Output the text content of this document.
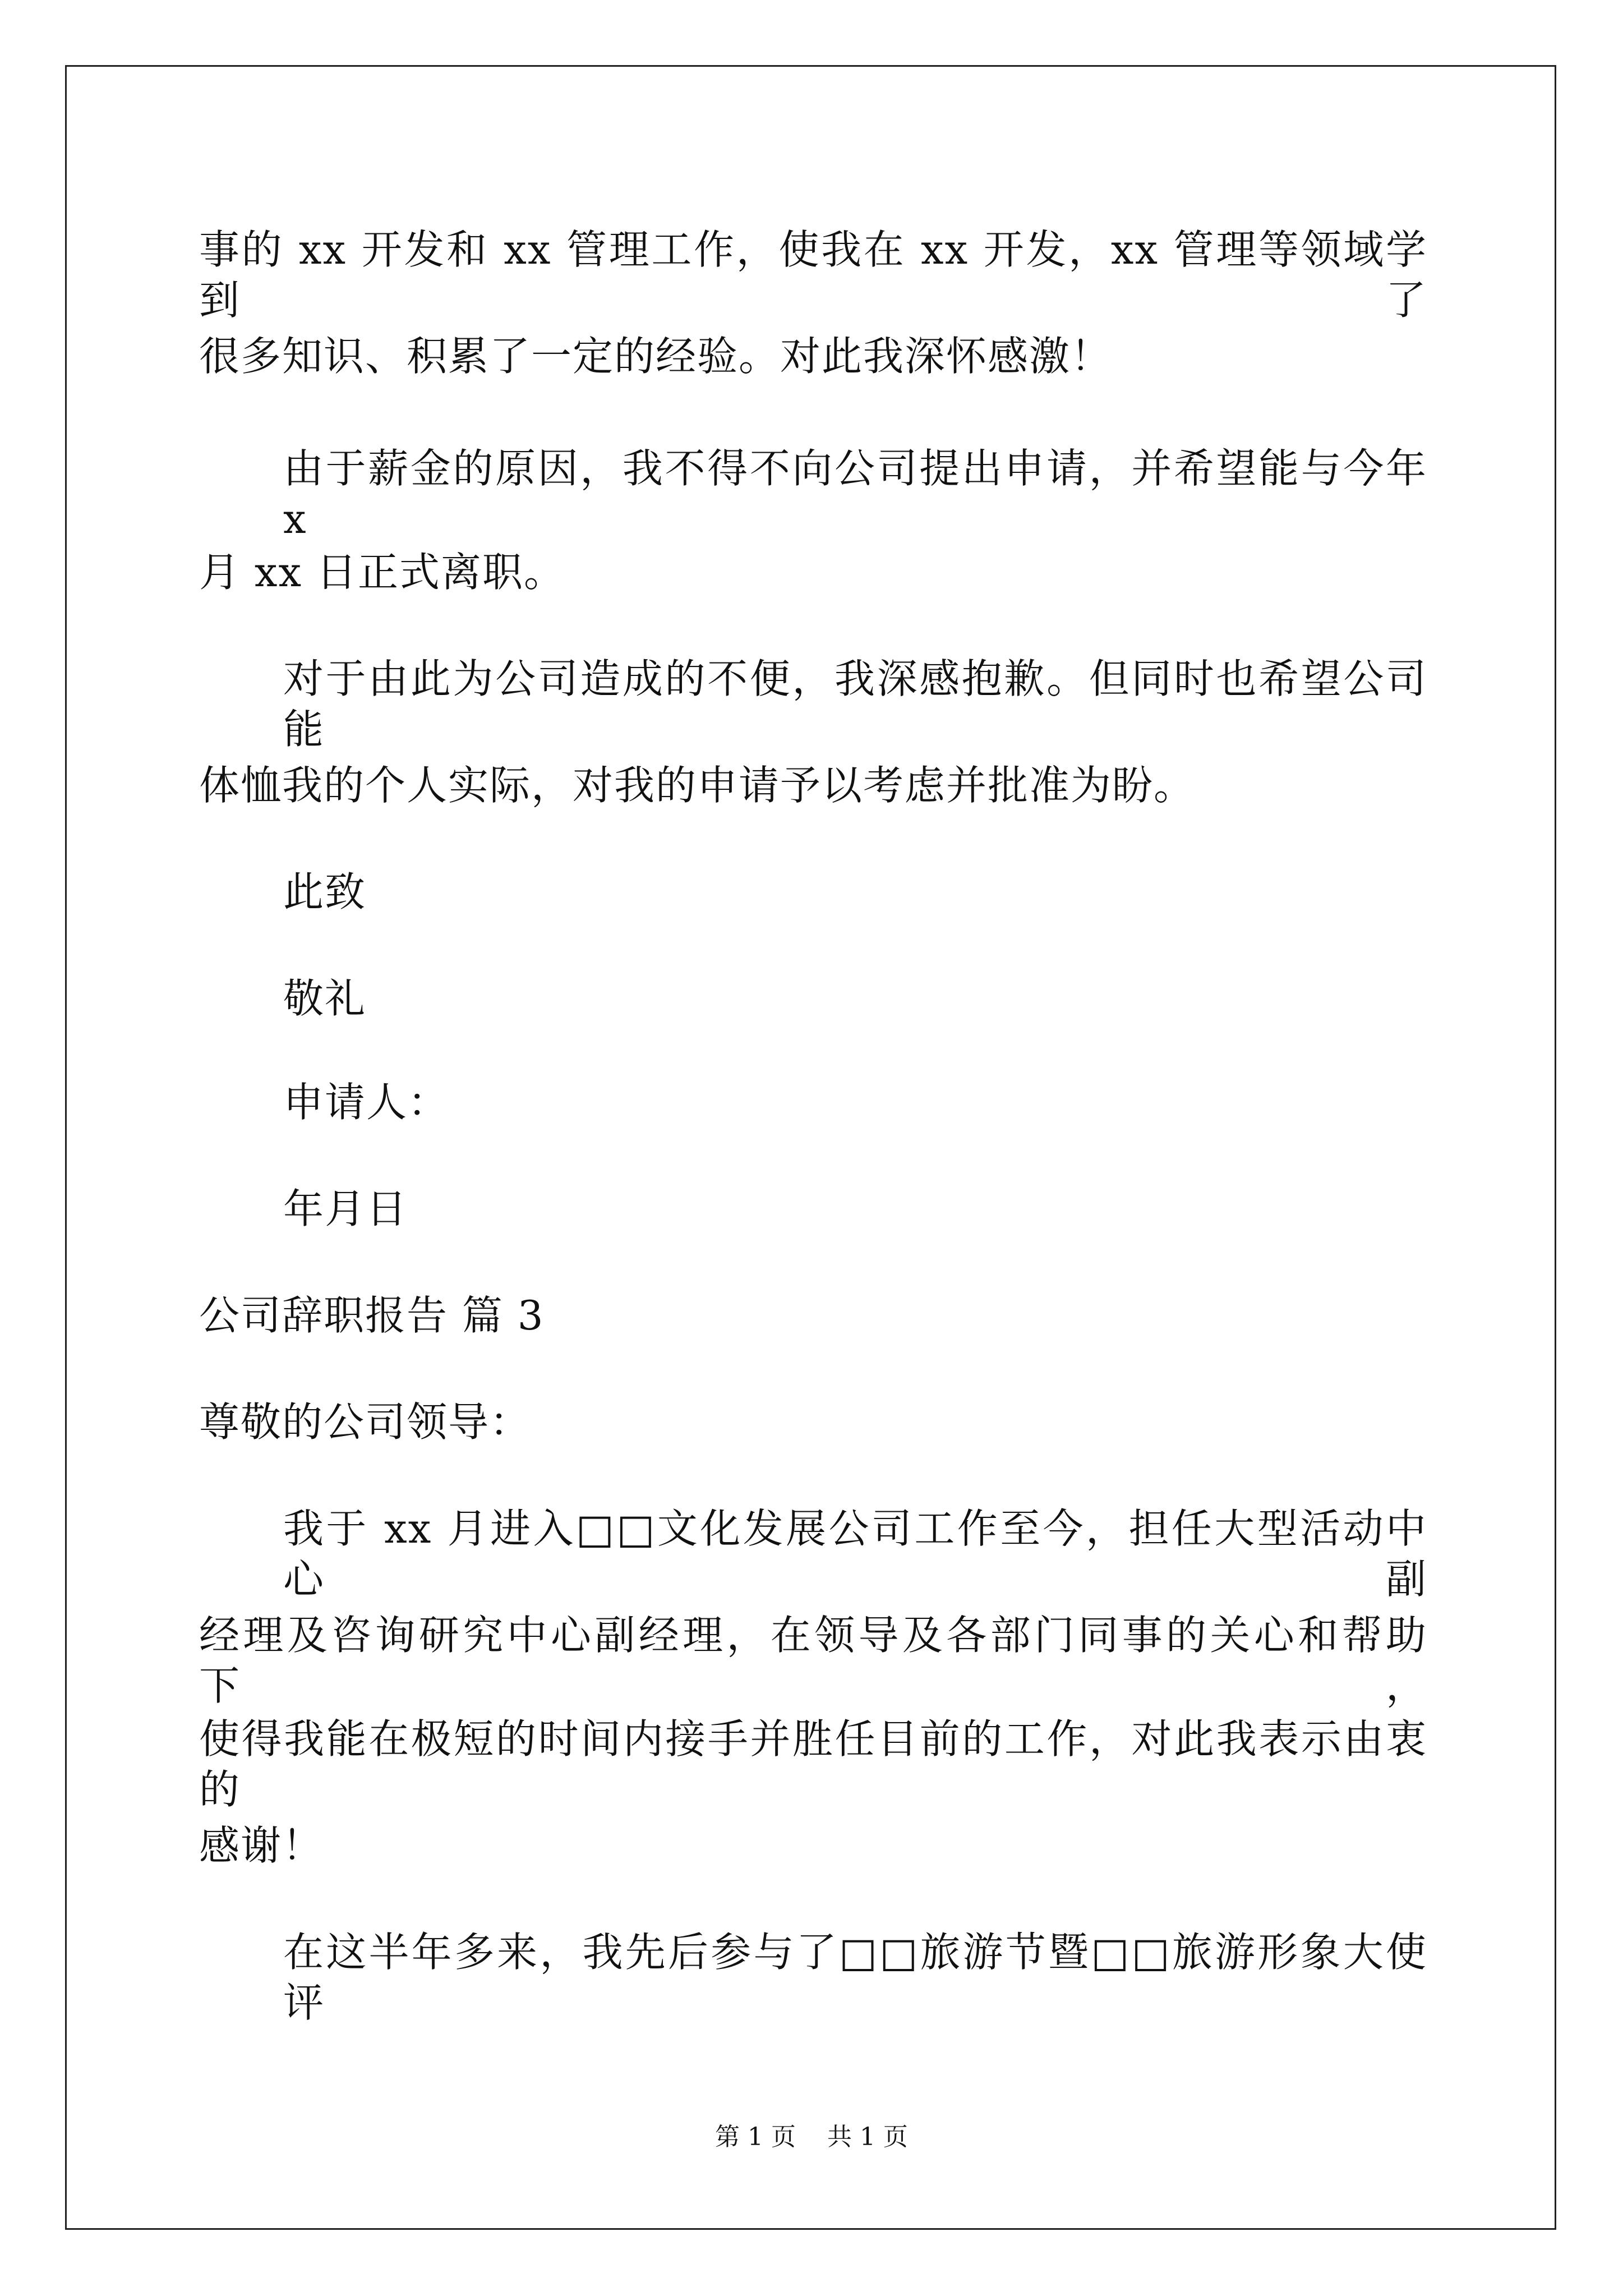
事的 xx 开发和 xx 管理工作，使我在 xx 开发，xx 管理等领域学到了
很多知识、积累了一定的经验。对此我深怀感激！
由于薪金的原因，我不得不向公司提出申请，并希望能与今年 x
月 xx 日正式离职。
对于由此为公司造成的不便，我深感抱歉。但同时也希望公司能
体恤我的个人实际，对我的申请予以考虑并批准为盼。
此致
敬礼
申请人：
年月日
公司辞职报告 篇 3
尊敬的公司领导：
我于 xx 月进入□□文化发展公司工作至今，担任大型活动中心副
经理及咨询研究中心副经理，在领导及各部门同事的关心和帮助下，
使得我能在极短的时间内接手并胜任目前的工作，对此我表示由衷的
感谢！
在这半年多来，我先后参与了□□旅游节暨□□旅游形象大使评
第 1 页    共 1 页
